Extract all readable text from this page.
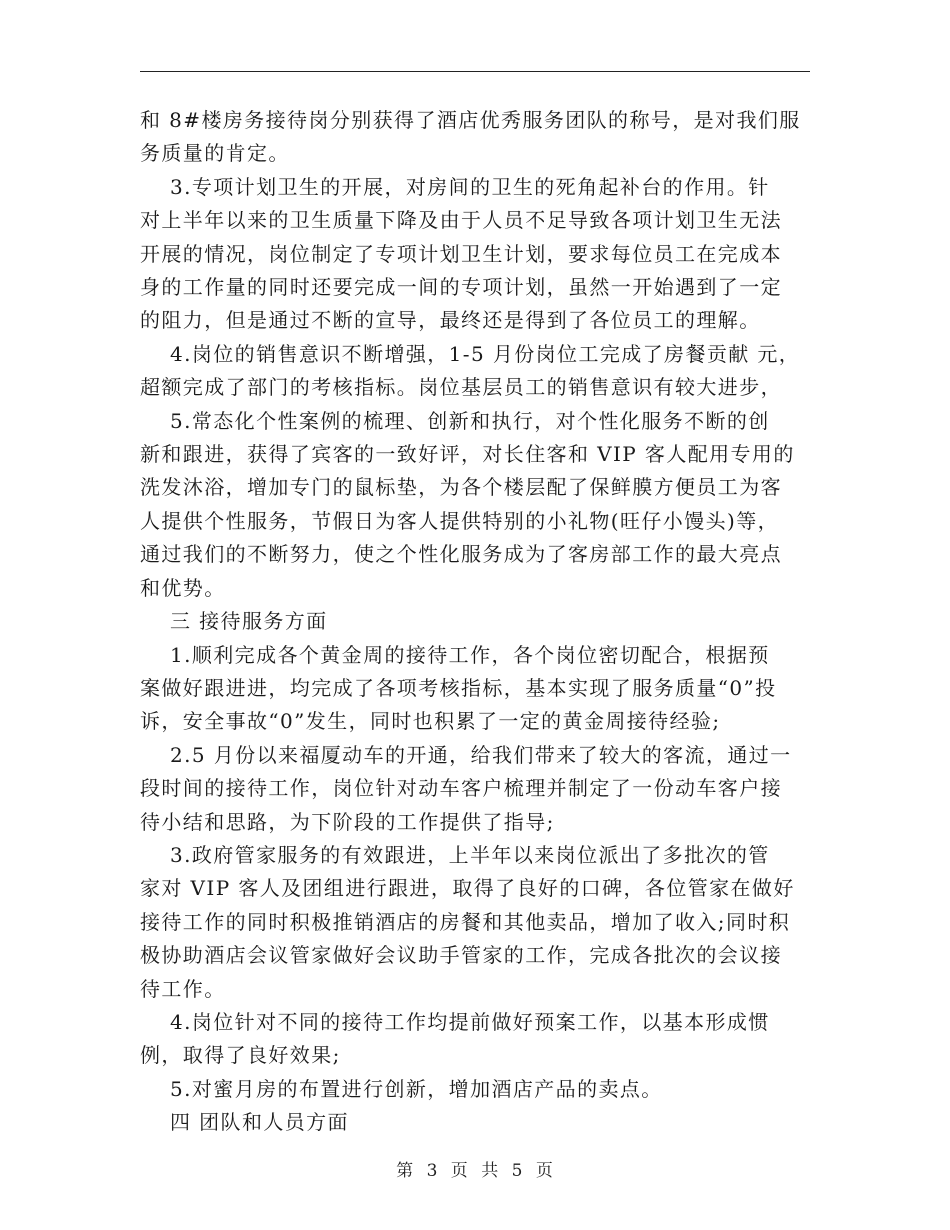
和 8#楼房务接待岗分别获得了酒店优秀服务团队的称号，是对我们服
务质量的肯定。

3.专项计划卫生的开展，对房间的卫生的死角起补台的作用。针
对上半年以来的卫生质量下降及由于人员不足导致各项计划卫生无法
开展的情况，岗位制定了专项计划卫生计划，要求每位员工在完成本
身的工作量的同时还要完成一间的专项计划，虽然一开始遇到了一定
的阻力，但是通过不断的宣导，最终还是得到了各位员工的理解。

4.岗位的销售意识不断增强，1-5 月份岗位工完成了房餐贡献 元，
超额完成了部门的考核指标。岗位基层员工的销售意识有较大进步，

5.常态化个性案例的梳理、创新和执行，对个性化服务不断的创
新和跟进，获得了宾客的一致好评，对长住客和 VIP 客人配用专用的
洗发沐浴，增加专门的鼠标垫，为各个楼层配了保鲜膜方便员工为客
人提供个性服务，节假日为客人提供特别的小礼物(旺仔小馒头)等，
通过我们的不断努力，使之个性化服务成为了客房部工作的最大亮点
和优势。

三 接待服务方面

1.顺利完成各个黄金周的接待工作，各个岗位密切配合，根据预
案做好跟进进，均完成了各项考核指标，基本实现了服务质量“0”投
诉，安全事故“0”发生，同时也积累了一定的黄金周接待经验;

2.5 月份以来福厦动车的开通，给我们带来了较大的客流，通过一
段时间的接待工作，岗位针对动车客户梳理并制定了一份动车客户接
待小结和思路，为下阶段的工作提供了指导;

3.政府管家服务的有效跟进，上半年以来岗位派出了多批次的管
家对 VIP 客人及团组进行跟进，取得了良好的口碑，各位管家在做好
接待工作的同时积极推销酒店的房餐和其他卖品，增加了收入;同时积
极协助酒店会议管家做好会议助手管家的工作，完成各批次的会议接
待工作。

4.岗位针对不同的接待工作均提前做好预案工作，以基本形成惯
例，取得了良好效果;

5.对蜜月房的布置进行创新，增加酒店产品的卖点。

四 团队和人员方面

第 3 页 共 5 页
